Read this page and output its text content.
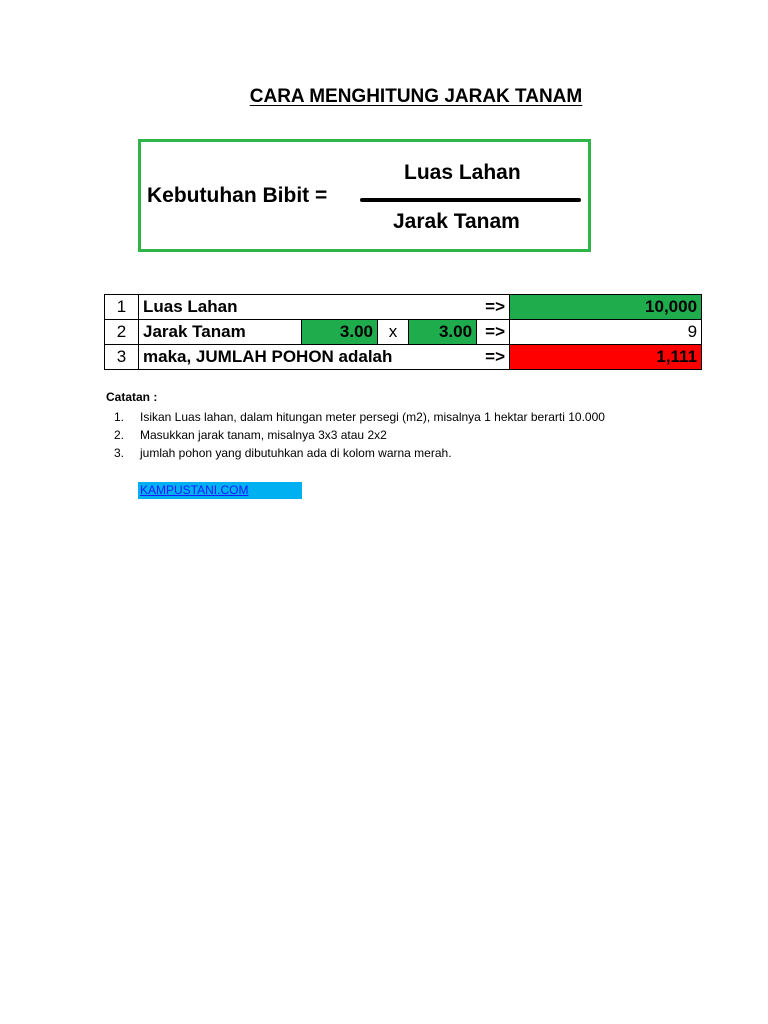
CARA MENGHITUNG JARAK TANAM
Kebutuhan Bibit =
Luas Lahan
Jarak Tanam
1	Luas Lahan				=>	10,000
2	Jarak Tanam	3.00	x	3.00	=>	9
3	maka, JUMLAH POHON adalah				=>	1,111
Catatan :
1. Isikan Luas lahan, dalam hitungan meter persegi (m2), misalnya 1 hektar berarti 10.000
2. Masukkan jarak tanam, misalnya 3x3 atau 2x2
3. jumlah pohon yang dibutuhkan ada di kolom warna merah.
KAMPUSTANI.COM
